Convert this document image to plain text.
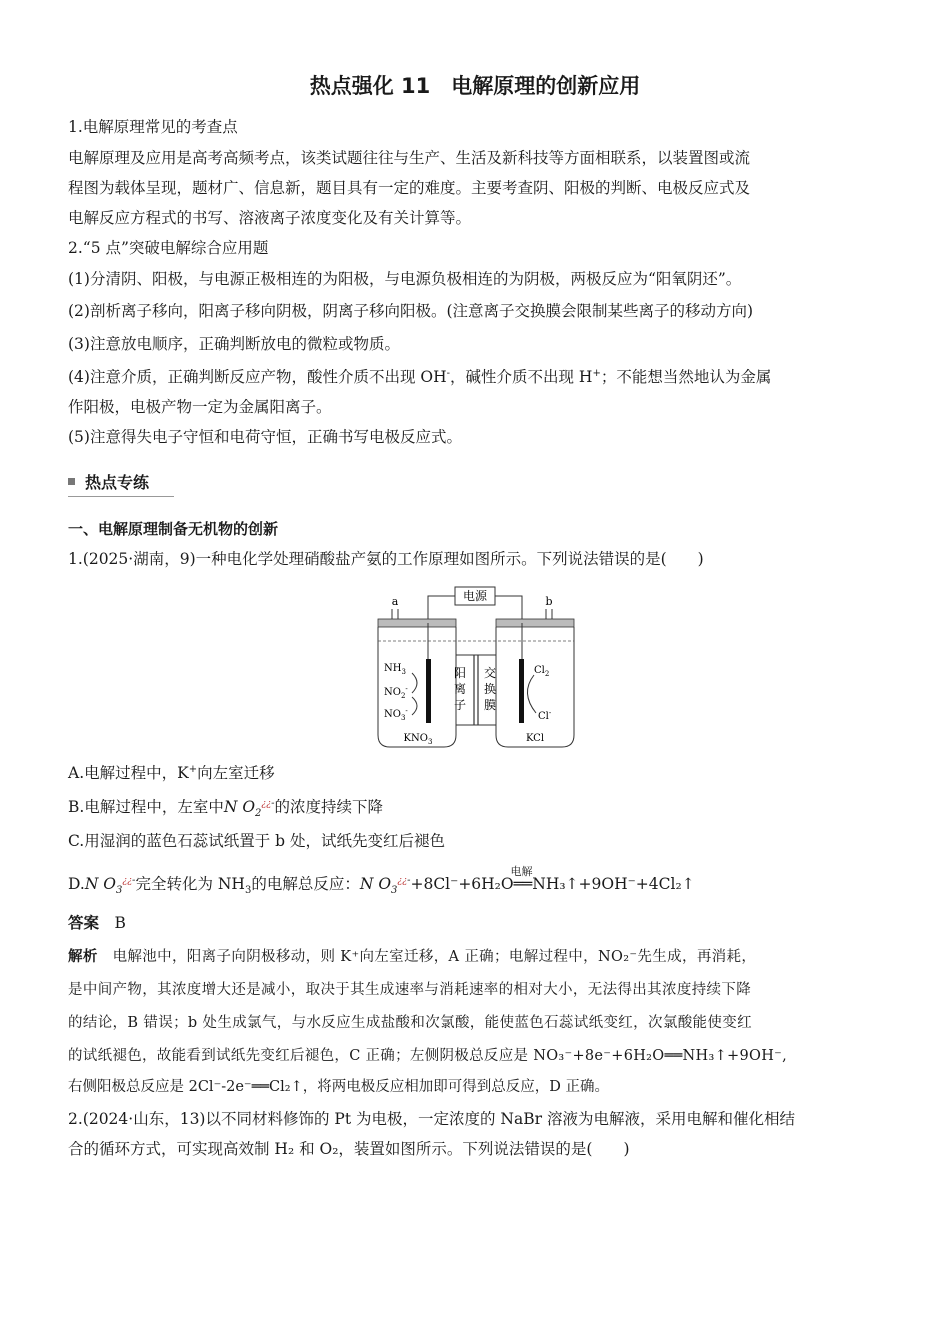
热点强化 11　电解原理的创新应用
1.电解原理常见的考查点
电解原理及应用是高考高频考点，该类试题往往与生产、生活及新科技等方面相联系，以装置图或流
程图为载体呈现，题材广、信息新，题目具有一定的难度。主要考查阴、阳极的判断、电极反应式及
电解反应方程式的书写、溶液离子浓度变化及有关计算等。
2.“5 点”突破电解综合应用题
(1)分清阴、阳极，与电源正极相连的为阳极，与电源负极相连的为阴极，两极反应为“阳氧阴还”。
(2)剖析离子移向，阳离子移向阴极，阴离子移向阳极。(注意离子交换膜会限制某些离子的移动方向)
(3)注意放电顺序，正确判断放电的微粒或物质。
(4)注意介质，正确判断反应产物，酸性介质不出现 OH-，碱性介质不出现 H+；不能想当然地认为金属
作阳极，电极产物一定为金属阳离子。
(5)注意得失电子守恒和电荷守恒，正确书写电极反应式。
热点专练
一、电解原理制备无机物的创新
1.(2025·湖南，9)一种电化学处理硝酸盐产氨的工作原理如图所示。下列说法错误的是(　　)
电源
a	b
阳
离
子
交
换
膜
$NH_3$
$NO_2^-$
$NO_3^-$
$KNO_3$
$Cl_2$
Cl-
KCl
A.电解过程中，K+向左室迁移
B.电解过程中，左室中N $O_2^{¿¿-}$的浓度持续下降
C.用湿润的蓝色石蕊试纸置于 b 处，试纸先变红后褪色
D.N $O_3^{¿¿-}$完全转化为 $NH_3$的电解总反应：N $O_3^{¿¿-}$
电解
+8Cl⁻+6H₂O══NH₃↑+9OH⁻+4Cl₂↑
答案　 B
解析　 电解池中，阳离子向阴极移动，则 K⁺向左室迁移，A 正确；电解过程中，NO₂⁻先生成，再消耗，
是中间产物，其浓度增大还是减小，取决于其生成速率与消耗速率的相对大小，无法得出其浓度持续下降
的结论，B 错误；b 处生成氯气，与水反应生成盐酸和次氯酸，能使蓝色石蕊试纸变红，次氯酸能使变红
的试纸褪色，故能看到试纸先变红后褪色，C 正确；左侧阴极总反应是 NO₃⁻+8e⁻+6H₂O══NH₃↑+9OH⁻,
右侧阳极总反应是 2Cl⁻-2e⁻══Cl₂↑，将两电极反应相加即可得到总反应，D 正确。
2.(2024·山东，13)以不同材料修饰的 Pt 为电极，一定浓度的 NaBr 溶液为电解液，采用电解和催化相结
合的循环方式，可实现高效制 H₂ 和 O₂，装置如图所示。下列说法错误的是(　　)
